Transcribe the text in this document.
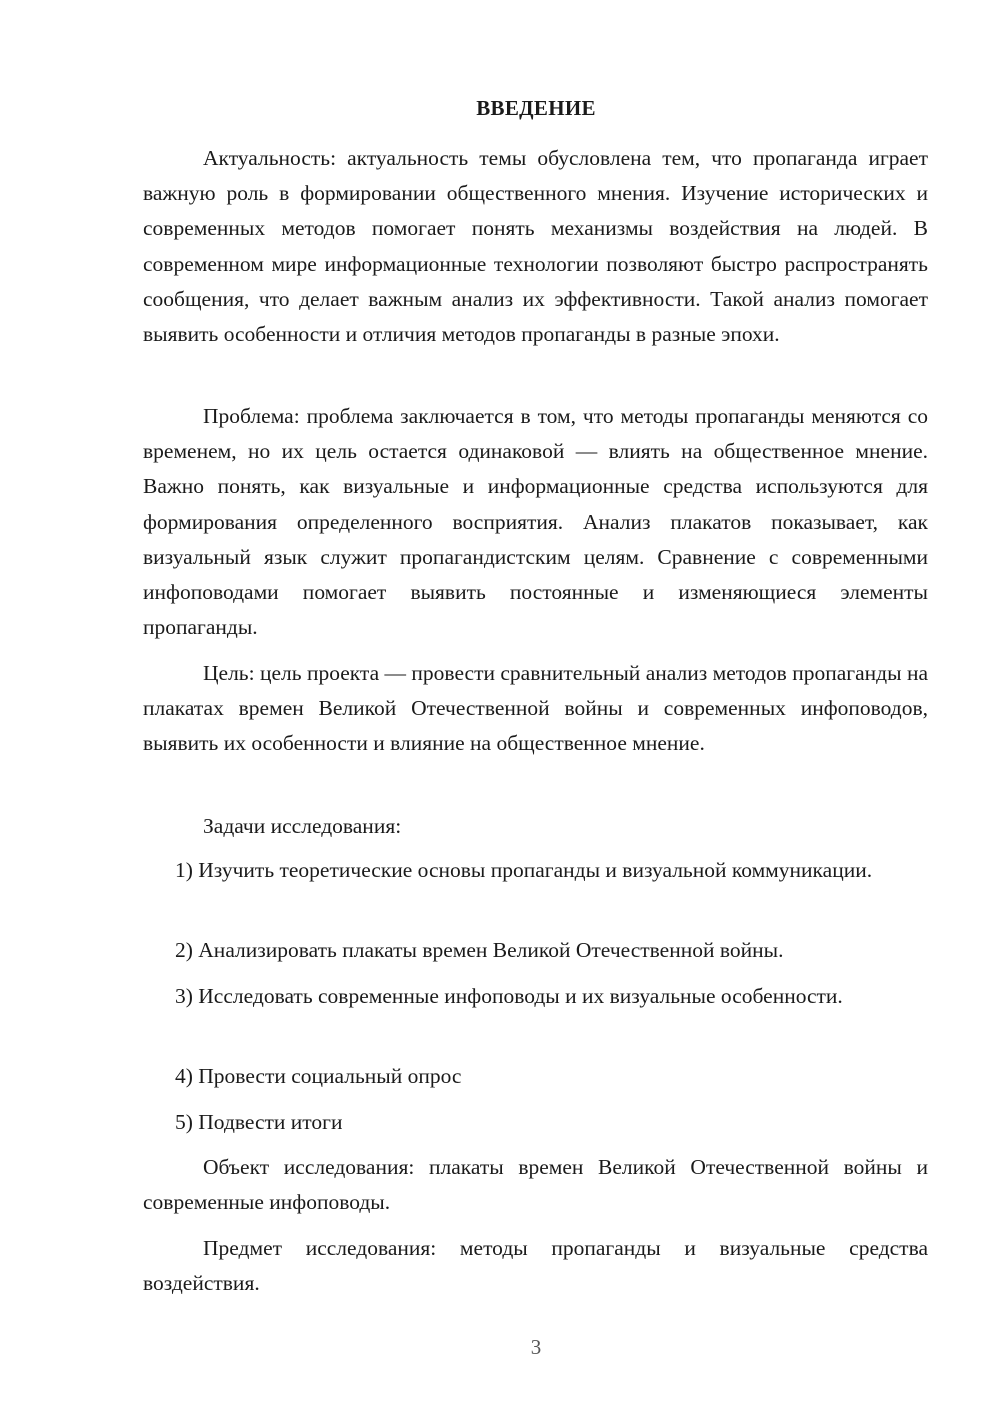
ВВЕДЕНИЕ

Актуальность: актуальность темы обусловлена тем, что пропаганда играет важную роль в формировании общественного мнения. Изучение исторических и современных методов помогает понять механизмы воздействия на людей. В современном мире информационные технологии позволяют быстро распространять сообщения, что делает важным анализ их эффективности. Такой анализ помогает выявить особенности и отличия методов пропаганды в разные эпохи.

Проблема: проблема заключается в том, что методы пропаганды меняются со временем, но их цель остается одинаковой — влиять на общественное мнение. Важно понять, как визуальные и информационные средства используются для формирования определенного восприятия. Анализ плакатов показывает, как визуальный язык служит пропагандистским целям. Сравнение с современными инфоповодами помогает выявить постоянные и изменяющиеся элементы пропаганды.

Цель: цель проекта — провести сравнительный анализ методов пропаганды на плакатах времен Великой Отечественной войны и современных инфоповодов, выявить их особенности и влияние на общественное мнение.

Задачи исследования:

1) Изучить теоретические основы пропаганды и визуальной коммуникации.

2) Анализировать плакаты времен Великой Отечественной войны.

3) Исследовать современные инфоповоды и их визуальные особенности.

4) Провести социальный опрос

5) Подвести итоги

Объект исследования: плакаты времен Великой Отечественной войны и современные инфоповоды.

Предмет исследования: методы пропаганды и визуальные средства воздействия.

3
